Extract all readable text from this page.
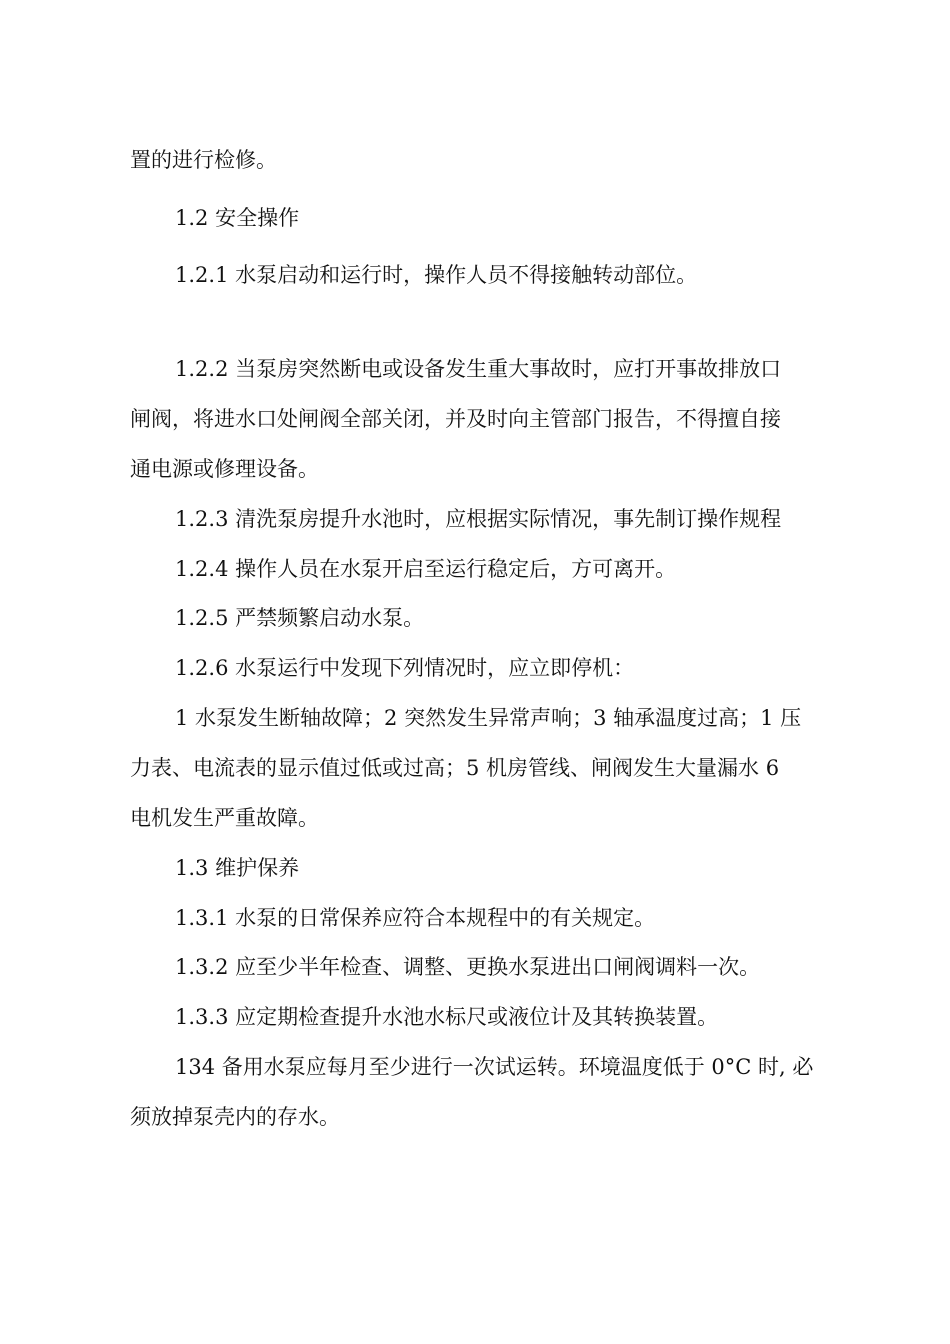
置的进行检修。
1.2 安全操作
1.2.1 水泵启动和运行时，操作人员不得接触转动部位。
1.2.2 当泵房突然断电或设备发生重大事故时，应打开事故排放口
闸阀，将进水口处闸阀全部关闭，并及时向主管部门报告，不得擅自接
通电源或修理设备。
1.2.3 清洗泵房提升水池时，应根据实际情况，事先制订操作规程
1.2.4 操作人员在水泵开启至运行稳定后，方可离开。
1.2.5 严禁频繁启动水泵。
1.2.6 水泵运行中发现下列情况时，应立即停机：
1 水泵发生断轴故障；2 突然发生异常声响；3 轴承温度过高；1 压
力表、电流表的显示值过低或过高；5 机房管线、闸阀发生大量漏水 6
电机发生严重故障。
1.3 维护保养
1.3.1 水泵的日常保养应符合本规程中的有关规定。
1.3.2 应至少半年检查、调整、更换水泵进出口闸阀调料一次。
1.3.3 应定期检查提升水池水标尺或液位计及其转换装置。
134 备用水泵应每月至少进行一次试运转。环境温度低于 0°C 时, 必
须放掉泵壳内的存水。
